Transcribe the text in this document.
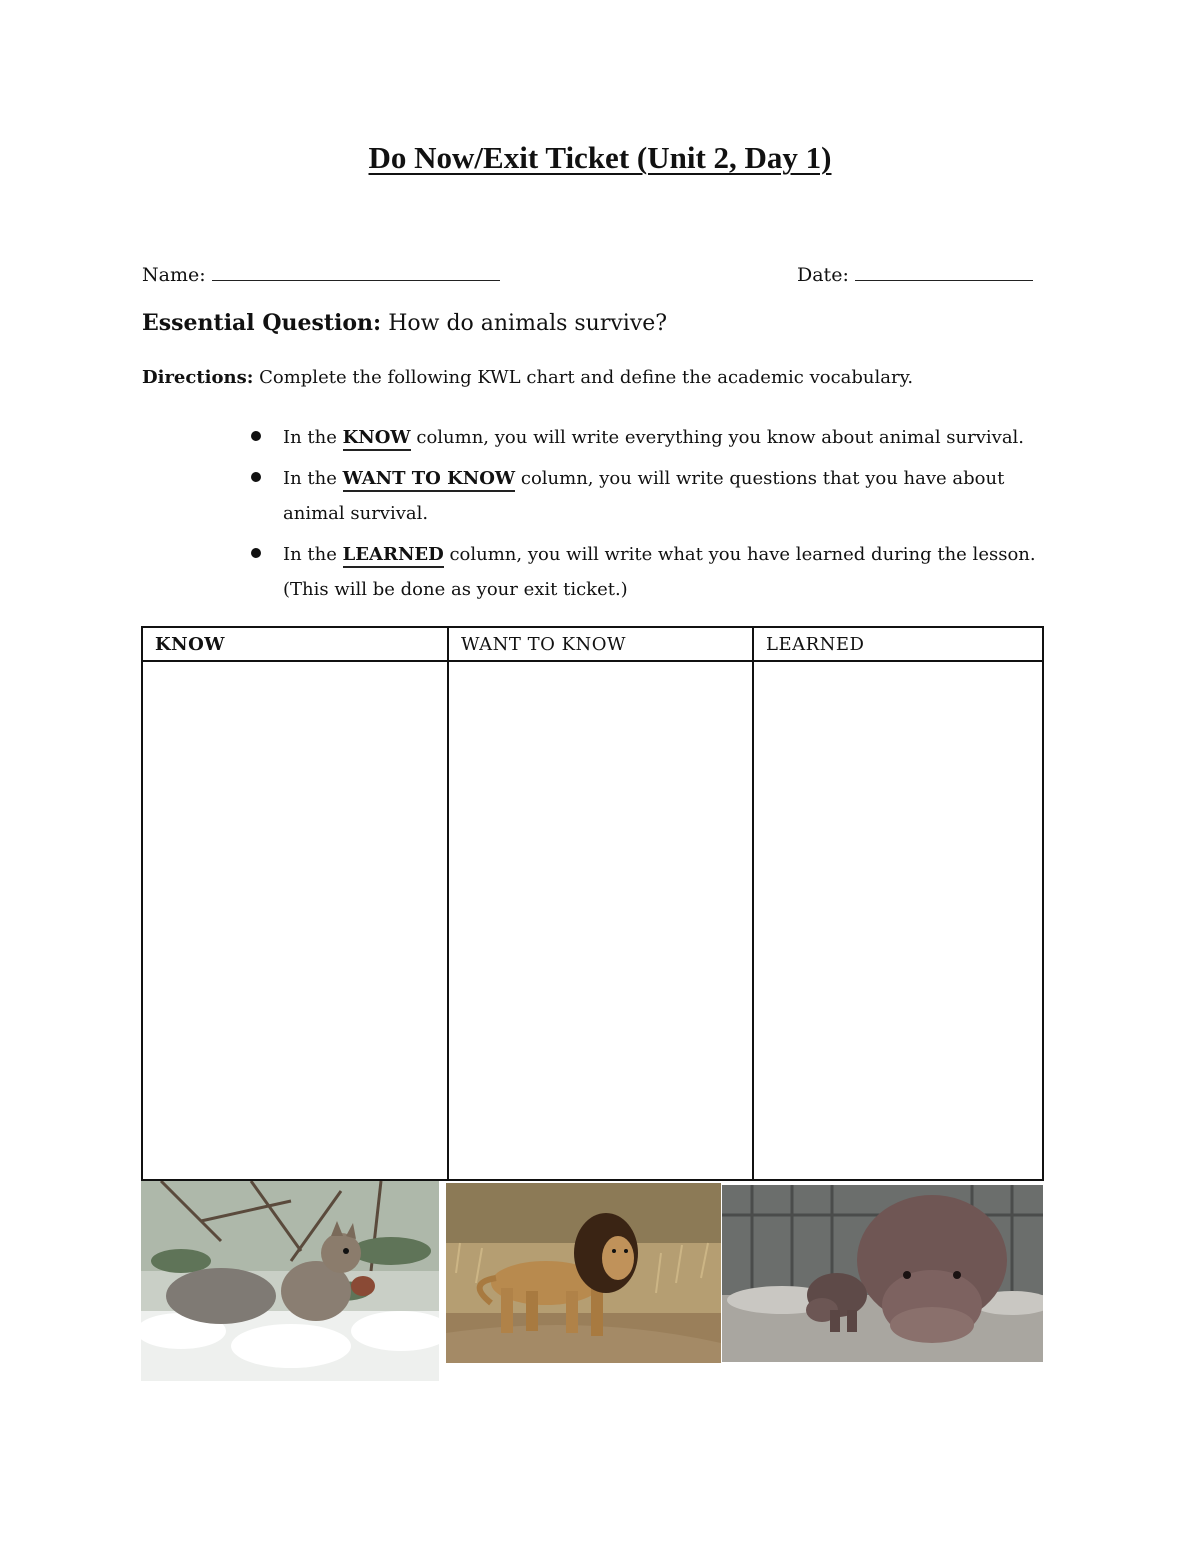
Do Now/Exit Ticket (Unit 2, Day 1)
Name:	Date:
Essential Question: How do animals survive?
Directions: Complete the following KWL chart and define the academic vocabulary.
In the KNOW column, you will write everything you know about animal survival.
In the WANT TO KNOW column, you will write questions that you have about animal survival.
In the LEARNED column, you will write what you have learned during the lesson. (This will be done as your exit ticket.)
KNOW	WANT TO KNOW	LEARNED
